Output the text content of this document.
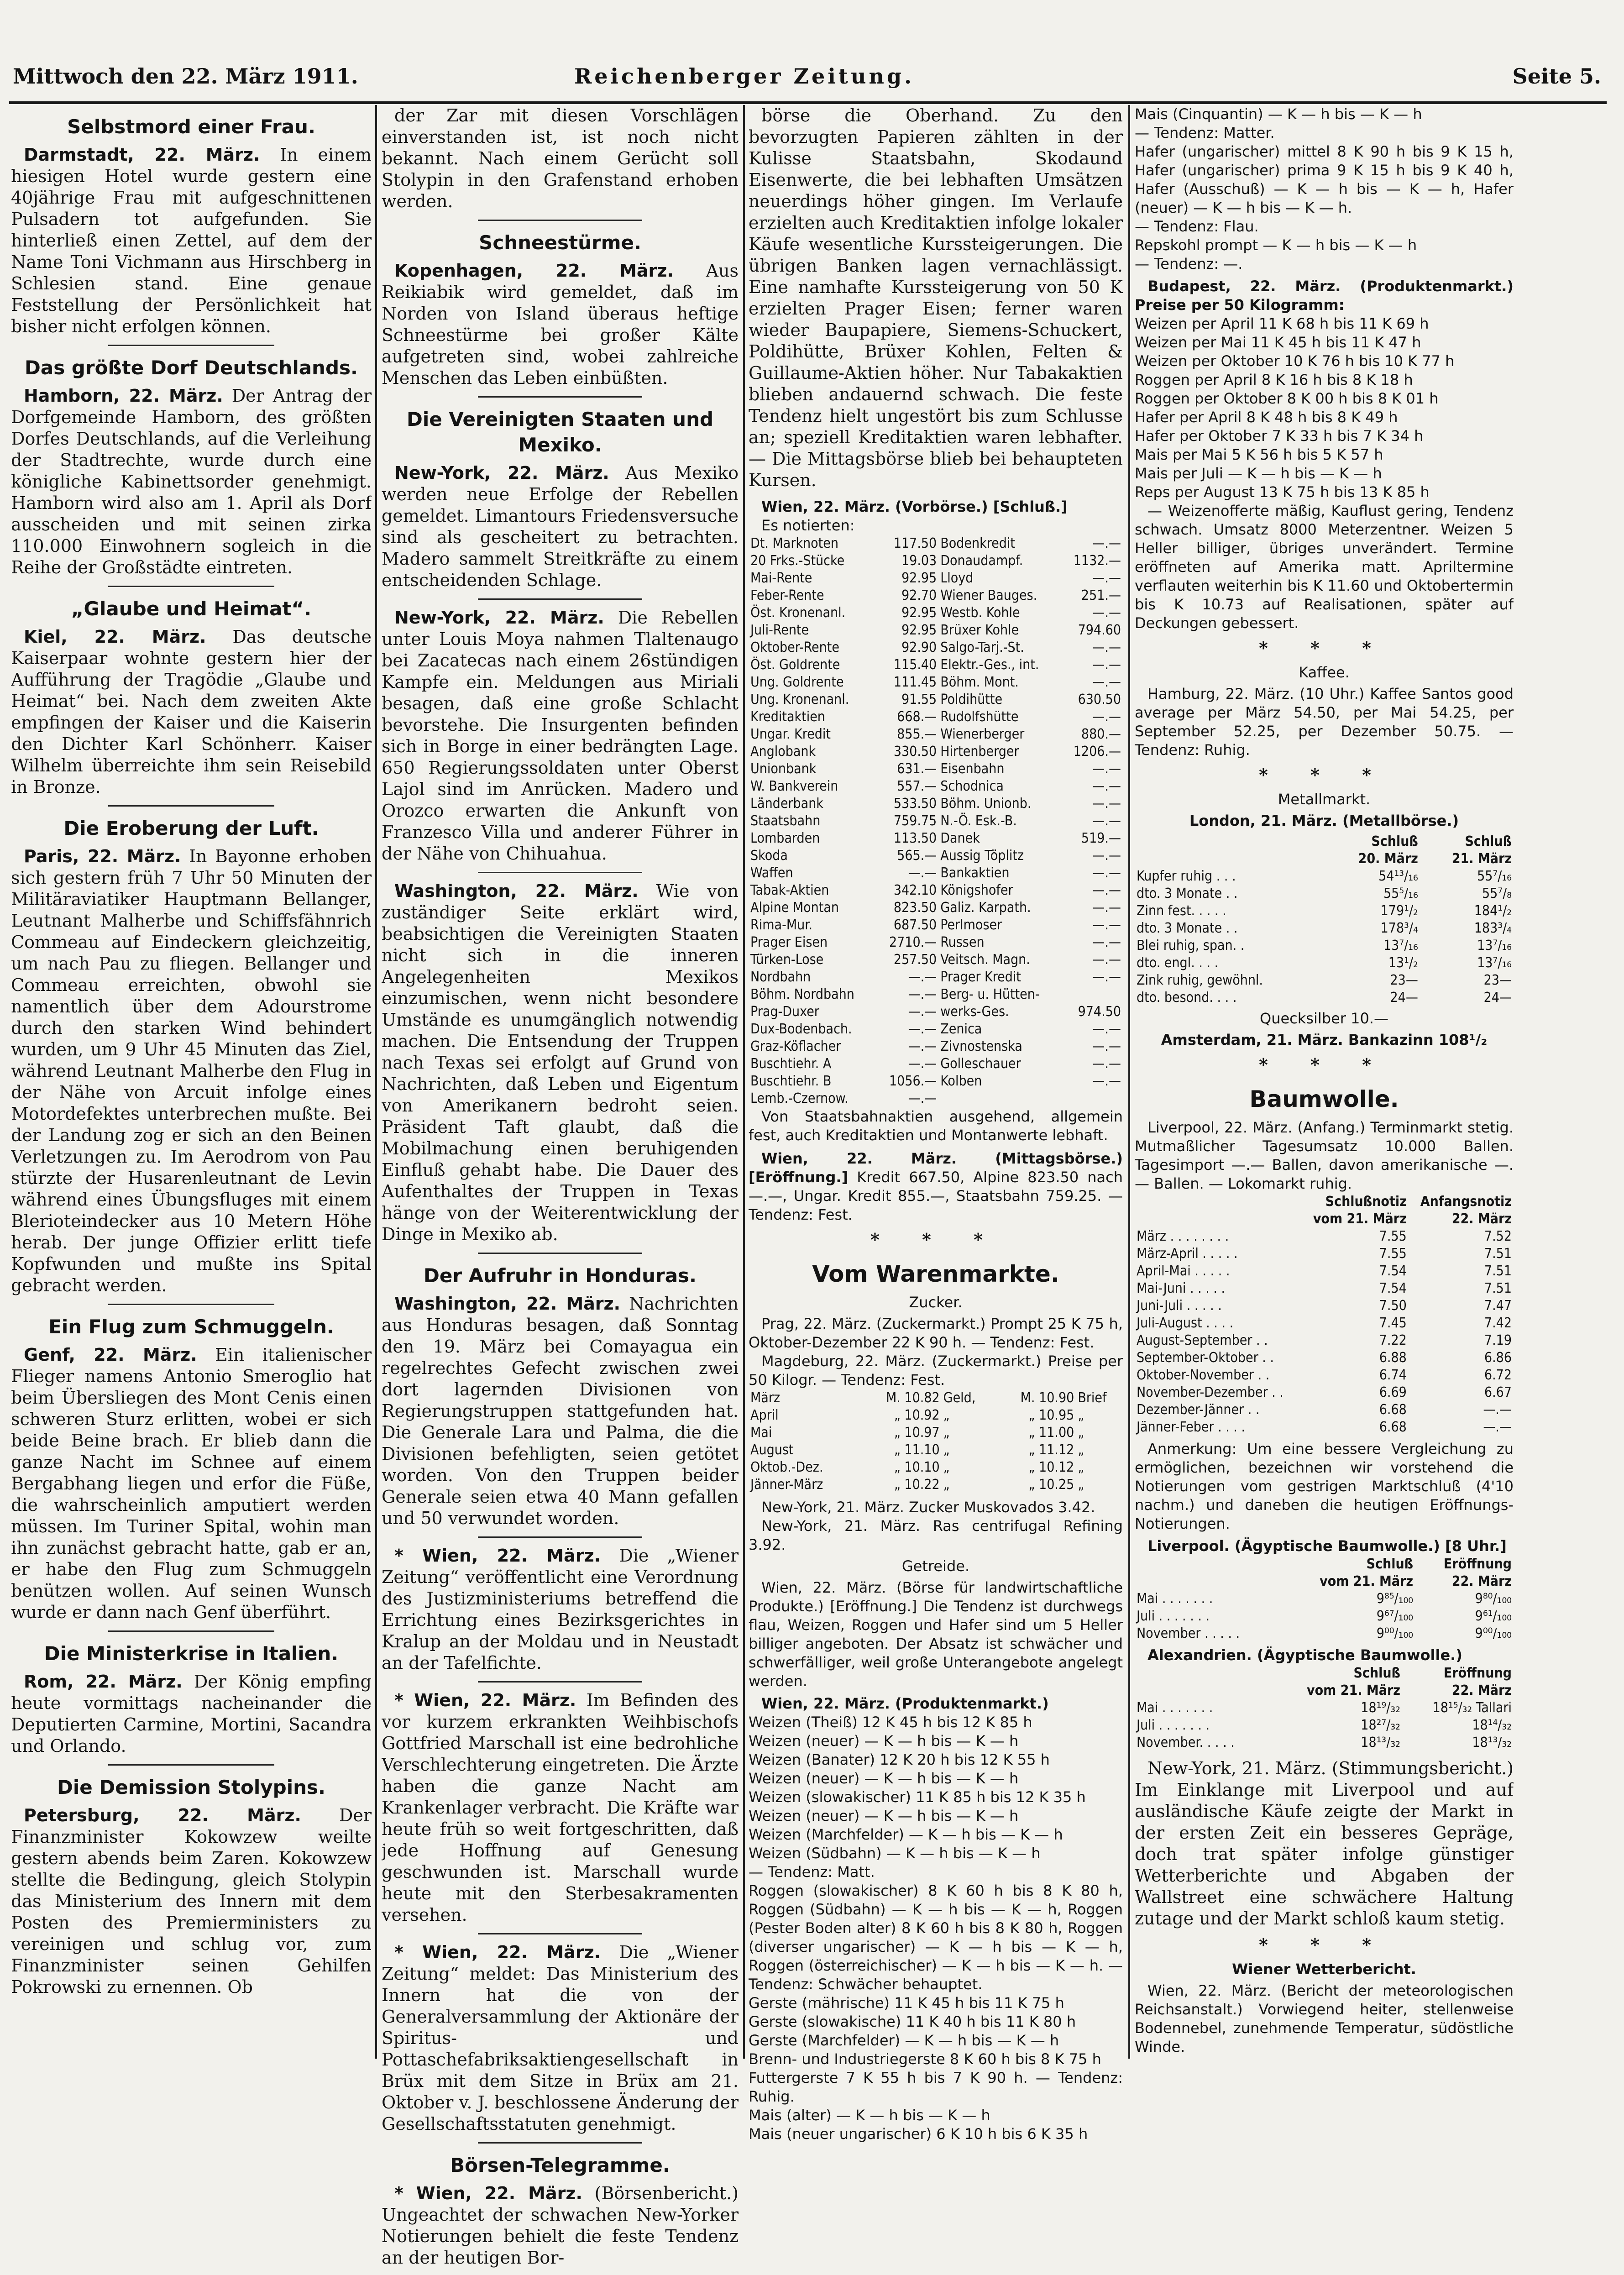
Mittwoch den 22. März 1911.	Reichenberger Zeitung.	Seite 5.
Selbstmord einer Frau.

Darmstadt, 22. März. In einem hiesigen Hotel wurde gestern eine 40jährige Frau mit aufgeschnittenen Pulsadern tot aufgefunden. Sie hinterließ einen Zettel, auf dem der Name Toni Vichmann aus Hirschberg in Schlesien stand. Eine genaue Feststellung der Persönlichkeit hat bisher nicht erfolgen können.

Das größte Dorf Deutschlands.

Hamborn, 22. März. Der Antrag der Dorfgemeinde Hamborn, des größten Dorfes Deutschlands, auf die Verleihung der Stadtrechte, wurde durch eine königliche Kabinettsorder genehmigt. Hamborn wird also am 1. April als Dorf ausscheiden und mit seinen zirka 110.000 Einwohnern sogleich in die Reihe der Großstädte eintreten.

„Glaube und Heimat“.

Kiel, 22. März. Das deutsche Kaiserpaar wohnte gestern hier der Aufführung der Tragödie „Glaube und Heimat“ bei. Nach dem zweiten Akte empfingen der Kaiser und die Kaiserin den Dichter Karl Schönherr. Kaiser Wilhelm überreichte ihm sein Reisebild in Bronze.

Die Eroberung der Luft.

Paris, 22. März. In Bayonne erhoben sich gestern früh 7 Uhr 50 Minuten der Militäraviatiker Hauptmann Bellanger, Leutnant Malherbe und Schiffsfähnrich Commeau auf Eindeckern gleichzeitig, um nach Pau zu fliegen. Bellanger und Commeau erreichten, obwohl sie namentlich über dem Adourstrome durch den starken Wind behindert wurden, um 9 Uhr 45 Minuten das Ziel, während Leutnant Malherbe den Flug in der Nähe von Arcuit infolge eines Motordefektes unterbrechen mußte. Bei der Landung zog er sich an den Beinen Verletzungen zu. Im Aerodrom von Pau stürzte der Husarenleutnant de Levin während eines Übungsfluges mit einem Blerioteindecker aus 10 Metern Höhe herab. Der junge Offizier erlitt tiefe Kopfwunden und mußte ins Spital gebracht werden.

Ein Flug zum Schmuggeln.

Genf, 22. März. Ein italienischer Flieger namens Antonio Smeroglio hat beim Übersliegen des Mont Cenis einen schweren Sturz erlitten, wobei er sich beide Beine brach. Er blieb dann die ganze Nacht im Schnee auf einem Bergabhang liegen und erfor die Füße, die wahrscheinlich amputiert werden müssen. Im Turiner Spital, wohin man ihn zunächst gebracht hatte, gab er an, er habe den Flug zum Schmuggeln benützen wollen. Auf seinen Wunsch wurde er dann nach Genf überführt.

Die Ministerkrise in Italien.

Rom, 22. März. Der König empfing heute vormittags nacheinander die Deputierten Carmine, Mortini, Sacandra und Orlando.

Die Demission Stolypins.

Petersburg, 22. März. Der Finanzminister Kokowzew weilte gestern abends beim Zaren. Kokowzew stellte die Bedingung, gleich Stolypin das Ministerium des Innern mit dem Posten des Premierministers zu vereinigen und schlug vor, zum Finanzminister seinen Gehilfen Pokrowski zu ernennen. Ob

der Zar mit diesen Vorschlägen einverstanden ist, ist noch nicht bekannt. Nach einem Gerücht soll Stolypin in den Grafenstand erhoben werden.

Schneestürme.

Kopenhagen, 22. März. Aus Reikiabik wird gemeldet, daß im Norden von Island überaus heftige Schneestürme bei großer Kälte aufgetreten sind, wobei zahlreiche Menschen das Leben einbüßten.

Die Vereinigten Staaten und Mexiko.

New-York, 22. März. Aus Mexiko werden neue Erfolge der Rebellen gemeldet. Limantours Friedensversuche sind als gescheitert zu betrachten. Madero sammelt Streitkräfte zu einem entscheidenden Schlage.

New-York, 22. März. Die Rebellen unter Louis Moya nahmen Tlaltenaugo bei Zacatecas nach einem 26stündigen Kampfe ein. Meldungen aus Miriali besagen, daß eine große Schlacht bevorstehe. Die Insurgenten befinden sich in Borge in einer bedrängten Lage. 650 Regierungssoldaten unter Oberst Lajol sind im Anrücken. Madero und Orozco erwarten die Ankunft von Franzesco Villa und anderer Führer in der Nähe von Chihuahua.

Washington, 22. März. Wie von zuständiger Seite erklärt wird, beabsichtigen die Vereinigten Staaten nicht sich in die inneren Angelegenheiten Mexikos einzumischen, wenn nicht besondere Umstände es unumgänglich notwendig machen. Die Entsendung der Truppen nach Texas sei erfolgt auf Grund von Nachrichten, daß Leben und Eigentum von Amerikanern bedroht seien. Präsident Taft glaubt, daß die Mobilmachung einen beruhigenden Einfluß gehabt habe. Die Dauer des Aufenthaltes der Truppen in Texas hänge von der Weiterentwicklung der Dinge in Mexiko ab.

Der Aufruhr in Honduras.

Washington, 22. März. Nachrichten aus Honduras besagen, daß Sonntag den 19. März bei Comayagua ein regelrechtes Gefecht zwischen zwei dort lagernden Divisionen von Regierungstruppen stattgefunden hat. Die Generale Lara und Palma, die die Divisionen befehligten, seien getötet worden. Von den Truppen beider Generale seien etwa 40 Mann gefallen und 50 verwundet worden.

* Wien, 22. März. Die „Wiener Zeitung“ veröffentlicht eine Verordnung des Justizministeriums betreffend die Errichtung eines Bezirksgerichtes in Kralup an der Moldau und in Neustadt an der Tafelfichte.

* Wien, 22. März. Im Befinden des vor kurzem erkrankten Weihbischofs Gottfried Marschall ist eine bedrohliche Verschlechterung eingetreten. Die Ärzte haben die ganze Nacht am Krankenlager verbracht. Die Kräfte war heute früh so weit fortgeschritten, daß jede Hoffnung auf Genesung geschwunden ist. Marschall wurde heute mit den Sterbesakramenten versehen.

* Wien, 22. März. Die „Wiener Zeitung“ meldet: Das Ministerium des Innern hat die von der Generalversammlung der Aktionäre der Spiritus- und Pottaschefabriksaktiengesellschaft in Brüx mit dem Sitze in Brüx am 21. Oktober v. J. beschlossene Änderung der Gesellschaftsstatuten genehmigt.

Börsen-Telegramme.

* Wien, 22. März. (Börsenbericht.) Ungeachtet der schwachen New-Yorker Notierungen behielt die feste Tendenz an der heutigen Bor-

börse die Oberhand. Zu den bevorzugten Papieren zählten in der Kulisse Staatsbahn, Skodaund Eisenwerte, die bei lebhaften Umsätzen neuerdings höher gingen. Im Verlaufe erzielten auch Kreditaktien infolge lokaler Käufe wesentliche Kurssteigerungen. Die übrigen Banken lagen vernachlässigt. Eine namhafte Kurssteigerung von 50 K erzielten Prager Eisen; ferner waren wieder Baupapiere, Siemens-Schuckert, Poldihütte, Brüxer Kohlen, Felten & Guillaume-Aktien höher. Nur Tabakaktien blieben andauernd schwach. Die feste Tendenz hielt ungestört bis zum Schlusse an; speziell Kreditaktien waren lebhafter. — Die Mittagsbörse blieb bei behaupteten Kursen.

Wien, 22. März. (Vorbörse.) [Schluß.]

Es notierten:
Dt. Marknoten	117.50	Bodenkredit	—.—
20 Frks.-Stücke	19.03	Donaudampf.	1132.—
Mai-Rente	92.95	Lloyd	—.—
Feber-Rente	92.70	Wiener Bauges.	251.—
Öst. Kronenanl.	92.95	Westb. Kohle	—.—
Juli-Rente	92.95	Brüxer Kohle	794.60
Oktober-Rente	92.90	Salgo-Tarj.-St.	—.—
Öst. Goldrente	115.40	Elektr.-Ges., int.	—.—
Ung. Goldrente	111.45	Böhm. Mont.	—.—
Ung. Kronenanl.	91.55	Poldihütte	630.50
Kreditaktien	668.—	Rudolfshütte	—.—
Ungar. Kredit	855.—	Wienerberger	880.—
Anglobank	330.50	Hirtenberger	1206.—
Unionbank	631.—	Eisenbahn	—.—
W. Bankverein	557.—	Schodnica	—.—
Länderbank	533.50	Böhm. Unionb.	—.—
Staatsbahn	759.75	N.-Ö. Esk.-B.	—.—
Lombarden	113.50	Danek	519.—
Skoda	565.—	Aussig Töplitz	—.—
Waffen	—.—	Bankaktien	—.—
Tabak-Aktien	342.10	Königshofer	—.—
Alpine Montan	823.50	Galiz. Karpath.	—.—
Rima-Mur.	687.50	Perlmoser	—.—
Prager Eisen	2710.—	Russen	—.—
Türken-Lose	257.50	Veitsch. Magn.	—.—
Nordbahn	—.—	Prager Kredit	—.—
Böhm. Nordbahn	—.—	Berg- u. Hütten-	
Prag-Duxer	—.—	werks-Ges.	974.50
Dux-Bodenbach.	—.—	Zenica	—.—
Graz-Köflacher	—.—	Zivnostenska	—.—
Buschtiehr. A	—.—	Golleschauer	—.—
Buschtiehr. B	1056.—	Kolben	—.—
Lemb.-Czernow.	—.—		

Von Staatsbahnaktien ausgehend, allgemein fest, auch Kreditaktien und Montanwerte lebhaft.

Wien, 22. März. (Mittagsbörse.) [Eröffnung.] Kredit 667.50, Alpine 823.50 nach —.—, Ungar. Kredit 855.—, Staatsbahn 759.25. — Tendenz: Fest.

* * *
Vom Warenmarkte.
Zucker.

Prag, 22. März. (Zuckermarkt.) Prompt 25 K 75 h, Oktober-Dezember 22 K 90 h. — Tendenz: Fest.

Magdeburg, 22. März. (Zuckermarkt.) Preise per 50 Kilogr. — Tendenz: Fest.

März	M. 10.82	Geld,	M. 10.90	Brief
April	„ 10.92	„	„ 10.95	„
Mai	„ 10.97	„	„ 11.00	„
August	„ 11.10	„	„ 11.12	„
Oktob.-Dez.	„ 10.10	„	„ 10.12	„
Jänner-März	„ 10.22	„	„ 10.25	„

New-York, 21. März. Zucker Muskovados 3.42.

New-York, 21. März. Ras centrifugal Refining 3.92.

Getreide.

Wien, 22. März. (Börse für landwirtschaftliche Produkte.) [Eröffnung.] Die Tendenz ist durchwegs flau, Weizen, Roggen und Hafer sind um 5 Heller billiger angeboten. Der Absatz ist schwächer und schwerfälliger, weil große Unterangebote angelegt werden.

Wien, 22. März. (Produktenmarkt.)

Weizen (Theiß) 12 K 45 h bis 12 K 85 h
Weizen (neuer) — K — h bis — K — h
Weizen (Banater) 12 K 20 h bis 12 K 55 h
Weizen (neuer) — K — h bis — K — h
Weizen (slowakischer) 11 K 85 h bis 12 K 35 h
Weizen (neuer) — K — h bis — K — h
Weizen (Marchfelder) — K — h bis — K — h
Weizen (Südbahn) — K — h bis — K — h
— Tendenz: Matt.
Roggen (slowakischer) 8 K 60 h bis 8 K 80 h, Roggen (Südbahn) — K — h bis — K — h, Roggen (Pester Boden alter) 8 K 60 h bis 8 K 80 h, Roggen (diverser ungarischer) — K — h bis — K — h, Roggen (österreichischer) — K — h bis — K — h. — Tendenz: Schwächer behauptet.
Gerste (mährische) 11 K 45 h bis 11 K 75 h
Gerste (slowakische) 11 K 40 h bis 11 K 80 h
Gerste (Marchfelder) — K — h bis — K — h
Brenn- und Industriegerste 8 K 60 h bis 8 K 75 h
Futtergerste 7 K 55 h bis 7 K 90 h. — Tendenz: Ruhig.
Mais (alter) — K — h bis — K — h
Mais (neuer ungarischer) 6 K 10 h bis 6 K 35 h
Mais (Cinquantin) — K — h bis — K — h
— Tendenz: Matter.
Hafer (ungarischer) mittel 8 K 90 h bis 9 K 15 h, Hafer (ungarischer) prima 9 K 15 h bis 9 K 40 h, Hafer (Ausschuß) — K — h bis — K — h, Hafer (neuer) — K — h bis — K — h.
— Tendenz: Flau.
Repskohl prompt — K — h bis — K — h
— Tendenz: —.

Budapest, 22. März. (Produktenmarkt.) Preise per 50 Kilogramm:

Weizen per April 11 K 68 h bis 11 K 69 h
Weizen per Mai 11 K 45 h bis 11 K 47 h
Weizen per Oktober 10 K 76 h bis 10 K 77 h
Roggen per April 8 K 16 h bis 8 K 18 h
Roggen per Oktober 8 K 00 h bis 8 K 01 h
Hafer per April 8 K 48 h bis 8 K 49 h
Hafer per Oktober 7 K 33 h bis 7 K 34 h
Mais per Mai 5 K 56 h bis 5 K 57 h
Mais per Juli — K — h bis — K — h
Reps per August 13 K 75 h bis 13 K 85 h

— Weizenofferte mäßig, Kauflust gering, Tendenz schwach. Umsatz 8000 Meterzentner. Weizen 5 Heller billiger, übriges unverändert. Termine eröffneten auf Amerika matt. Apriltermine verflauten weiterhin bis K 11.60 und Oktobertermin bis K 10.73 auf Realisationen, später auf Deckungen gebessert.

* * *
Kaffee.

Hamburg, 22. März. (10 Uhr.) Kaffee Santos good average per März 54.50, per Mai 54.25, per September 52.25, per Dezember 50.75. — Tendenz: Ruhig.

* * *
Metallmarkt.
London, 21. März. (Metallbörse.)
	Schluß	Schluß
	20. März	21. März
Kupfer ruhig . . .	54¹³/₁₆	55⁷/₁₆
dto. 3 Monate . .	55⁵/₁₆	55⁷/₈
Zinn fest. . . . .	179¹/₂	184¹/₂
dto. 3 Monate . .	178³/₄	183³/₄
Blei ruhig, span. .	13⁷/₁₆	13⁷/₁₆
dto. engl. . . .	13¹/₂	13⁷/₁₆
Zink ruhig, gewöhnl.	23—	23—
dto. besond. . . .	24—	24—
Quecksilber 10.—
Amsterdam, 21. März. Bankazinn 108¹/₂
* * *
Baumwolle.

Liverpool, 22. März. (Anfang.) Terminmarkt stetig. Mutmaßlicher Tagesumsatz 10.000 Ballen. Tagesimport —.— Ballen, davon amerikanische —.— Ballen. — Lokomarkt ruhig.

	Schlußnotiz	Anfangsnotiz
	vom 21. März	22. März
März . . . . . . . .	7.55	7.52
März-April . . . . .	7.55	7.51
April-Mai . . . . .	7.54	7.51
Mai-Juni . . . . .	7.54	7.51
Juni-Juli . . . . .	7.50	7.47
Juli-August . . . .	7.45	7.42
August-September . .	7.22	7.19
September-Oktober . .	6.88	6.86
Oktober-November . .	6.74	6.72
November-Dezember . .	6.69	6.67
Dezember-Jänner . .	6.68	—.—
Jänner-Feber . . . .	6.68	—.—

Anmerkung: Um eine bessere Vergleichung zu ermöglichen, bezeichnen wir vorstehend die Notierungen vom gestrigen Marktschluß (4'10 nachm.) und daneben die heutigen Eröffnungs-Notierungen.

Liverpool. (Ägyptische Baumwolle.) [8 Uhr.]

	Schluß	Eröffnung
	vom 21. März	22. März
Mai . . . . . . .	9⁸⁵/₁₀₀	9⁸⁰/₁₀₀
Juli . . . . . . .	9⁶⁷/₁₀₀	9⁶¹/₁₀₀
November . . . . .	9⁰⁰/₁₀₀	9⁰⁰/₁₀₀

Alexandrien. (Ägyptische Baumwolle.)

	Schluß	Eröffnung
	vom 21. März	22. März
Mai . . . . . . .	18¹⁹/₃₂	18¹⁵/₃₂ Tallari
Juli . . . . . . .	18²⁷/₃₂	18¹⁴/₃₂
November. . . . .	18¹³/₃₂	18¹³/₃₂

New-York, 21. März. (Stimmungsbericht.) Im Einklange mit Liverpool und auf ausländische Käufe zeigte der Markt in der ersten Zeit ein besseres Gepräge, doch trat später infolge günstiger Wetterberichte und Abgaben der Wallstreet eine schwächere Haltung zutage und der Markt schloß kaum stetig.

* * *
Wiener Wetterbericht.

Wien, 22. März. (Bericht der meteorologischen Reichsanstalt.) Vorwiegend heiter, stellenweise Bodennebel, zunehmende Temperatur, südöstliche Winde.
